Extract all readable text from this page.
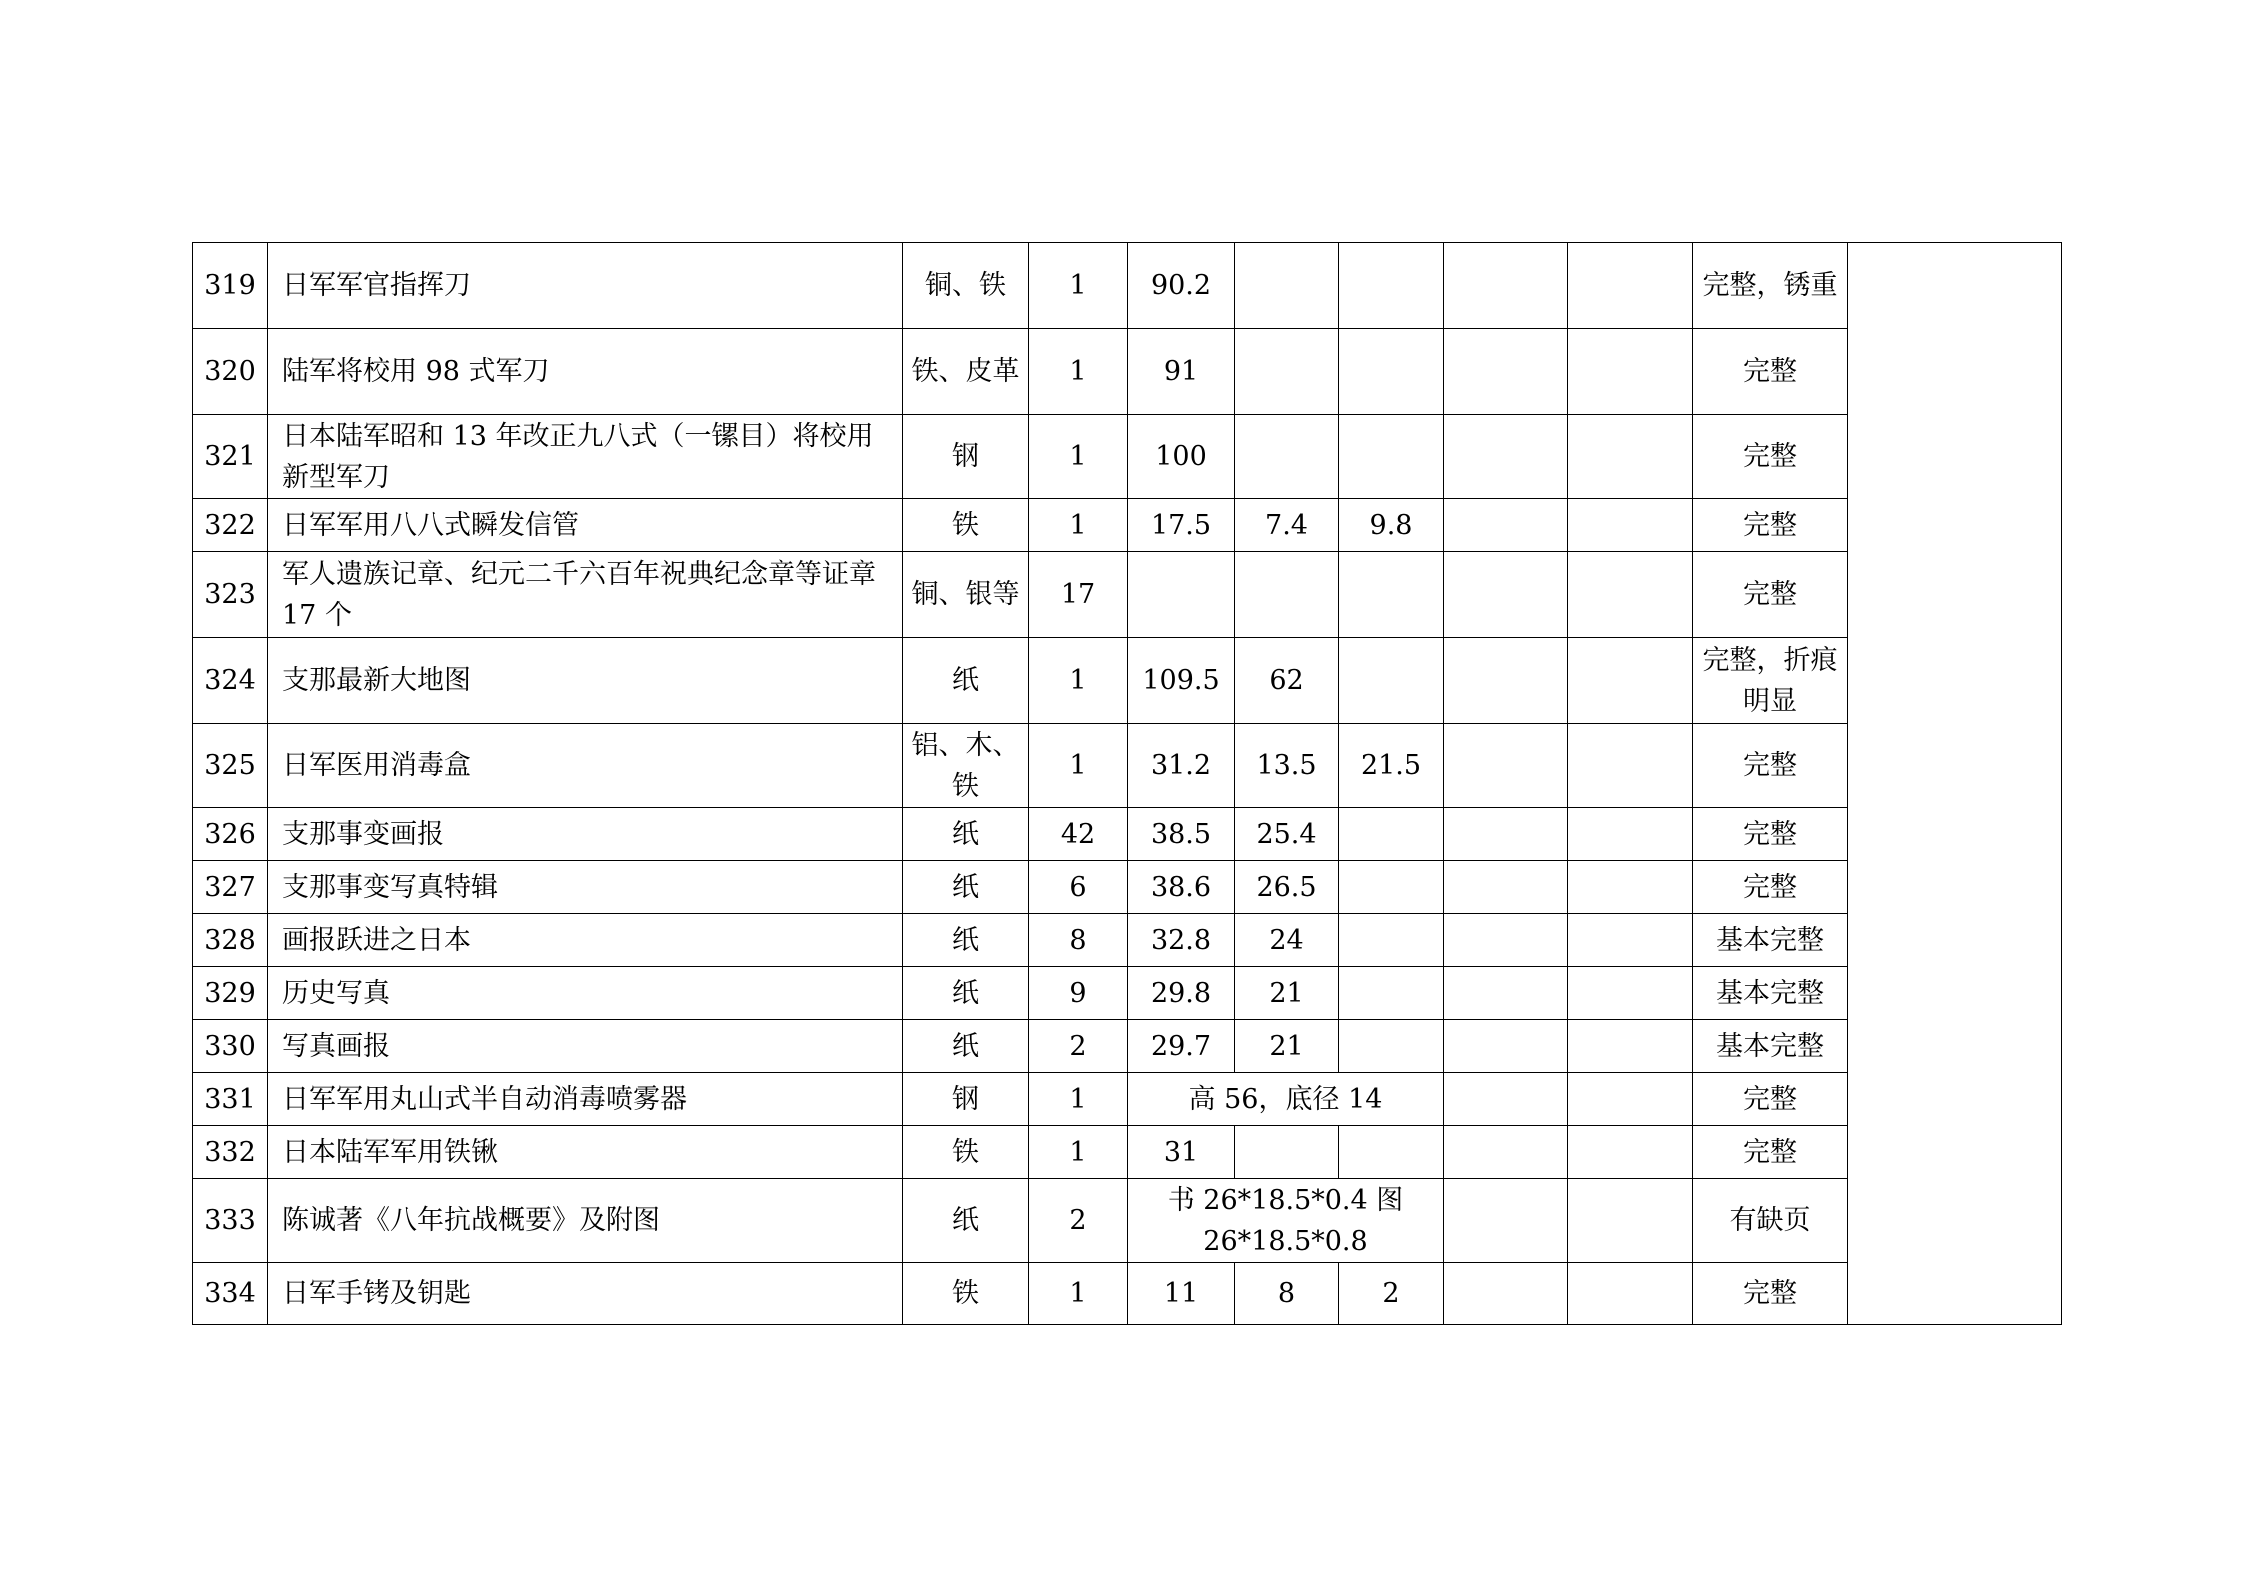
319	日军军官指挥刀	铜、铁	1	90.2					完整，锈重	
320	陆军将校用 98 式军刀	铁、皮革	1	91					完整	
321	日本陆军昭和 13 年改正九八式（一镙目）将校用新型军刀	钢	1	100					完整	
322	日军军用八八式瞬发信管	铁	1	17.5	7.4	9.8			完整	
323	军人遗族记章、纪元二千六百年祝典纪念章等证章 17 个	铜、银等	17						完整	
324	支那最新大地图	纸	1	109.5	62				完整，折痕明显	
325	日军医用消毒盒	铝、木、铁	1	31.2	13.5	21.5			完整	
326	支那事变画报	纸	42	38.5	25.4				完整	
327	支那事变写真特辑	纸	6	38.6	26.5				完整	
328	画报跃进之日本	纸	8	32.8	24				基本完整	
329	历史写真	纸	9	29.8	21				基本完整	
330	写真画报	纸	2	29.7	21				基本完整	
331	日军军用丸山式半自动消毒喷雾器	钢	1	高 56，底径 14					完整	
332	日本陆军军用铁锹	铁	1	31					完整	
333	陈诚著《八年抗战概要》及附图	纸	2	书 26*18.5*0.4 图 26*18.5*0.8					有缺页	
334	日军手铐及钥匙	铁	1	11	8	2			完整	
